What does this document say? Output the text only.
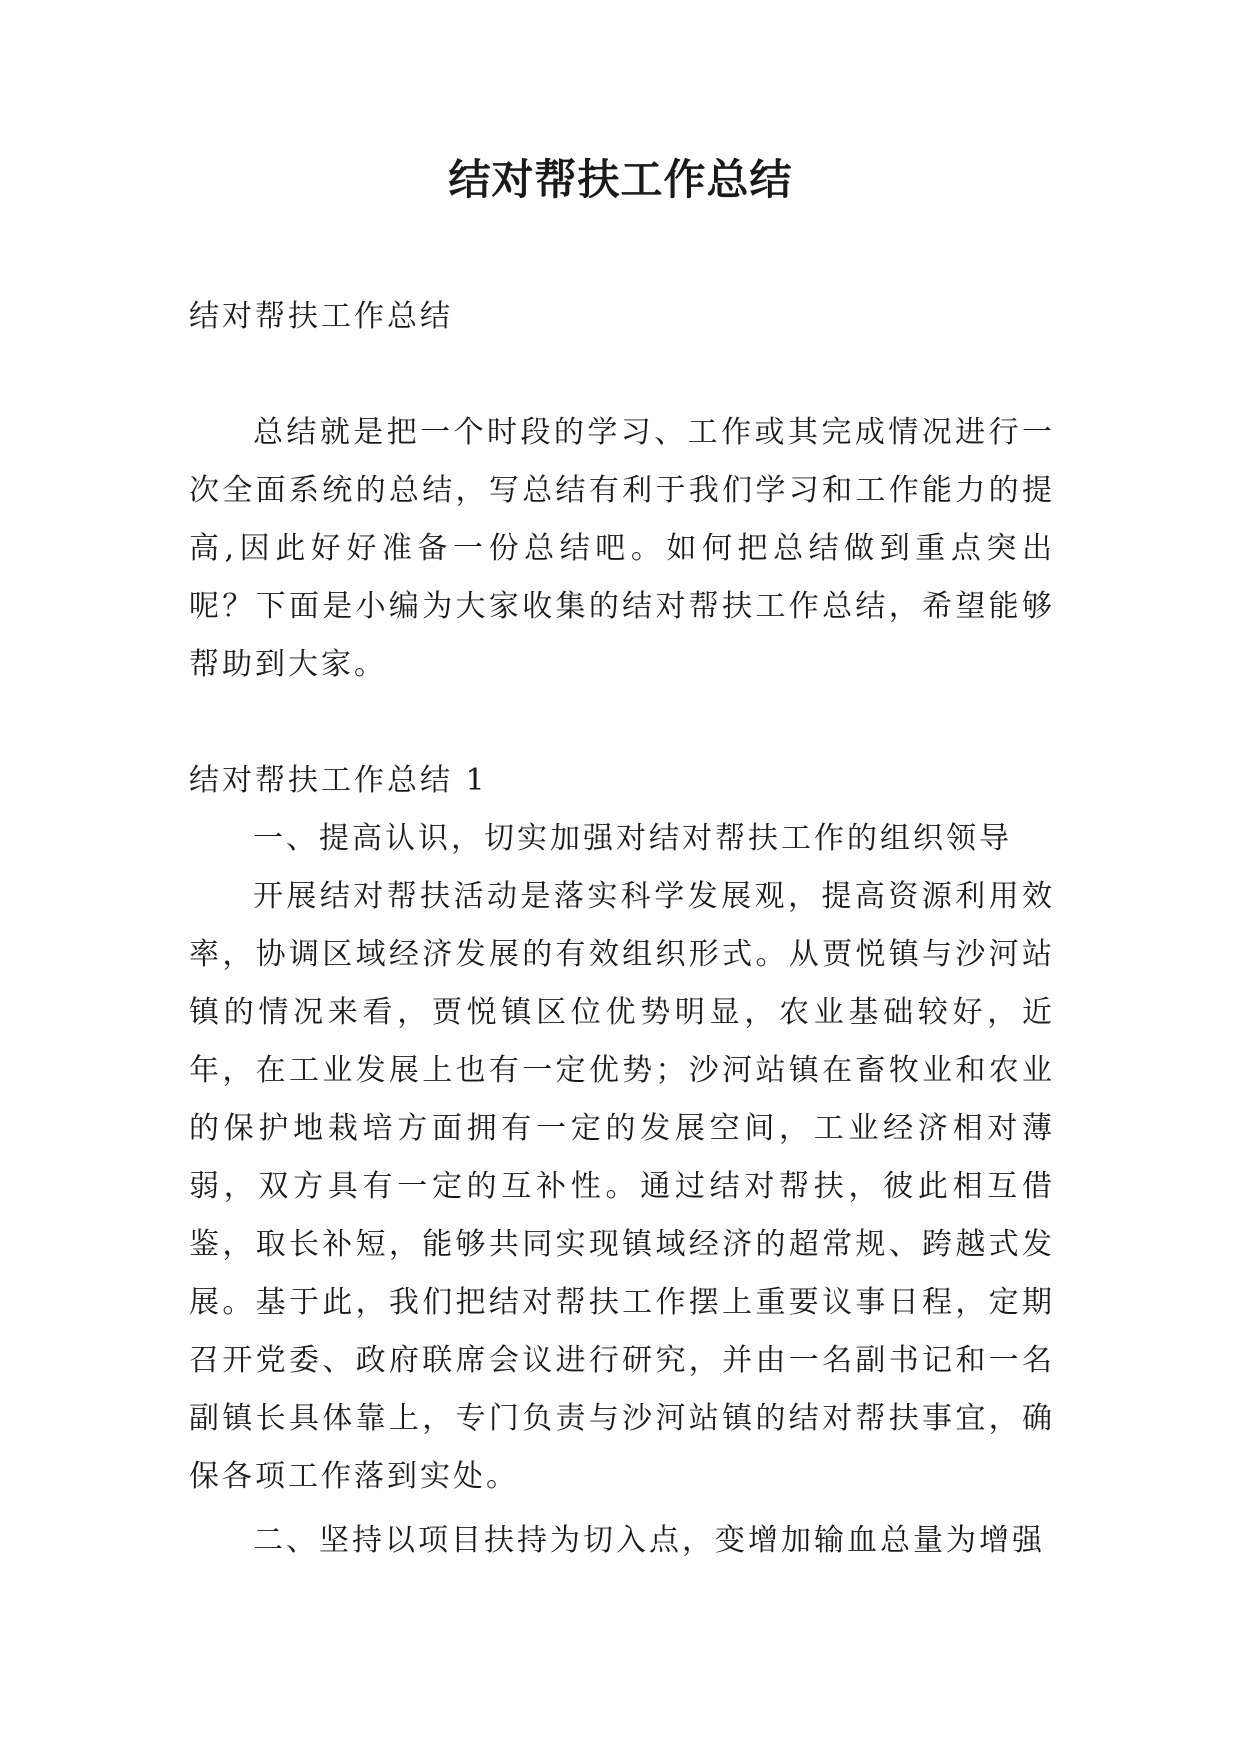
结对帮扶工作总结

结对帮扶工作总结

总结就是把一个时段的学习、工作或其完成情况进行一次全面系统的总结，写总结有利于我们学习和工作能力的提高,因此好好准备一份总结吧。如何把总结做到重点突出呢？下面是小编为大家收集的结对帮扶工作总结，希望能够帮助到大家。

结对帮扶工作总结 1

一、提高认识，切实加强对结对帮扶工作的组织领导

开展结对帮扶活动是落实科学发展观，提高资源利用效率，协调区域经济发展的有效组织形式。从贾悦镇与沙河站镇的情况来看，贾悦镇区位优势明显，农业基础较好，近年，在工业发展上也有一定优势；沙河站镇在畜牧业和农业的保护地栽培方面拥有一定的发展空间，工业经济相对薄弱，双方具有一定的互补性。通过结对帮扶，彼此相互借鉴，取长补短，能够共同实现镇域经济的超常规、跨越式发展。基于此，我们把结对帮扶工作摆上重要议事日程，定期召开党委、政府联席会议进行研究，并由一名副书记和一名副镇长具体靠上，专门负责与沙河站镇的结对帮扶事宜，确保各项工作落到实处。

二、坚持以项目扶持为切入点，变增加输血总量为增强
